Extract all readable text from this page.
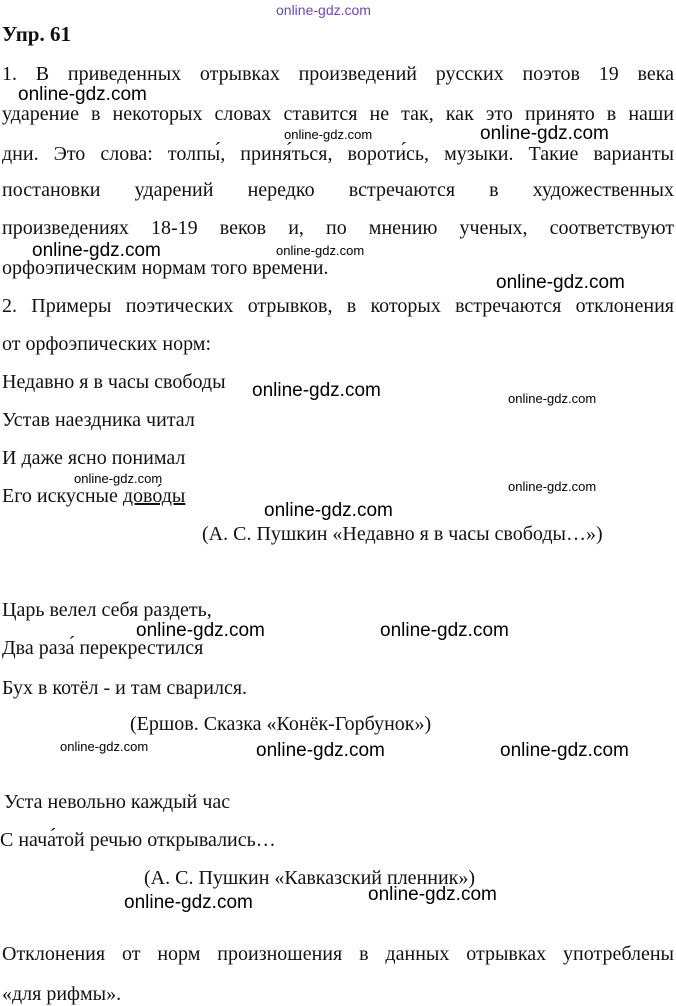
online-gdz.com
Упр. 61
1. В приведенных отрывках произведений русских поэтов 19 века
ударение в некоторых словах ставится не так, как это принято в наши
дни. Это слова: толпы́, приня́ться, вороти́сь, музыки. Такие варианты
постановки ударений нередко встречаются в художественных
произведениях 18-19 веков и, по мнению ученых, соответствуют
орфоэпическим нормам того времени.
2. Примеры поэтических отрывков, в которых встречаются отклонения
от орфоэпических норм:
Недавно я в часы свободы
Устав наездника читал
И даже ясно понимал
Его искусные дово́ды
(А. С. Пушкин «Недавно я в часы свободы…»)
Царь велел себя раздеть,
Два раза́ перекрестился
Бух в котёл - и там сварился.
(Ершов. Сказка «Конёк-Горбунок»)
Уста невольно каждый час
С нача́той речью открывались…
(А. С. Пушкин «Кавказский пленник»)
Отклонения от норм произношения в данных отрывках употреблены
«для рифмы».
online-gdz.com
online-gdz.com	online-gdz.com
online-gdz.com	online-gdz.com
online-gdz.com
online-gdz.com	online-gdz.com
online-gdz.com
online-gdz.com
online-gdz.com
online-gdz.com	online-gdz.com
online-gdz.com	online-gdz.com	online-gdz.com
online-gdz.com	online-gdz.com
